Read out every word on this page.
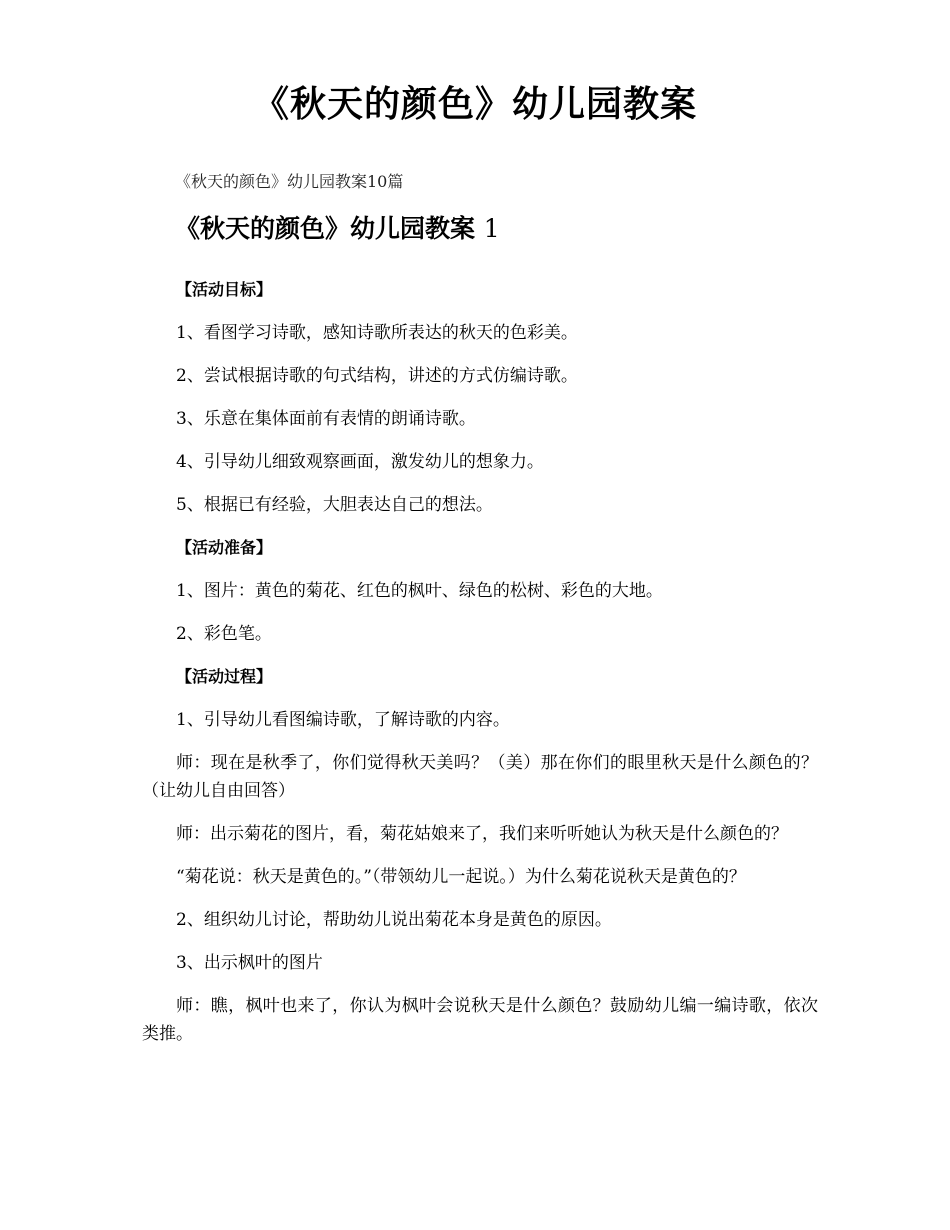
《秋天的颜色》幼儿园教案
《秋天的颜色》幼儿园教案10篇
《秋天的颜色》幼儿园教案 1

【活动目标】

1、看图学习诗歌，感知诗歌所表达的秋天的色彩美。

2、尝试根据诗歌的句式结构，讲述的方式仿编诗歌。

3、乐意在集体面前有表情的朗诵诗歌。

4、引导幼儿细致观察画面，激发幼儿的想象力。

5、根据已有经验，大胆表达自己的想法。

【活动准备】

1、图片：黄色的菊花、红色的枫叶、绿色的松树、彩色的大地。

2、彩色笔。

【活动过程】

1、引导幼儿看图编诗歌，了解诗歌的内容。

师：现在是秋季了，你们觉得秋天美吗？（美）那在你们的眼里秋天是什么颜色的？（让幼儿自由回答）

师：出示菊花的图片，看，菊花姑娘来了，我们来听听她认为秋天是什么颜色的？

“菊花说：秋天是黄色的。”（带领幼儿一起说。）为什么菊花说秋天是黄色的？

2、组织幼儿讨论，帮助幼儿说出菊花本身是黄色的原因。

3、出示枫叶的图片

师：瞧，枫叶也来了，你认为枫叶会说秋天是什么颜色？鼓励幼儿编一编诗歌，依次类推。
